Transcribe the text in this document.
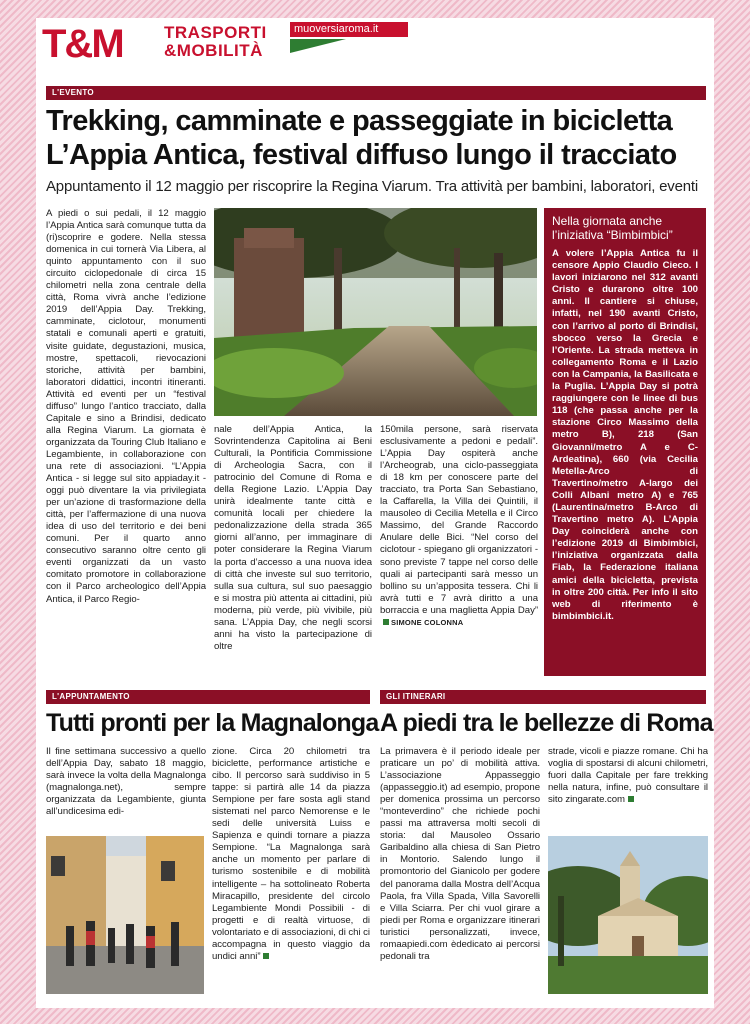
T&M TRASPORTI
&MOBILITÀ
muoversiaroma.it
L'EVENTO
Trekking, camminate e passeggiate in bicicletta
L’Appia Antica, festival diffuso lungo il tracciato
Appuntamento il 12 maggio per riscoprire la Regina Viarum. Tra attività per bambini, laboratori, eventi

A piedi o sui pedali, il 12 maggio l’Appia Antica sarà comunque tutta da (ri)scoprire e godere. Nella stessa domenica in cui tornerà Via Libera, al quinto appuntamento con il suo circuito ciclopedonale di circa 15 chilometri nella zona centrale della città, Roma vivrà anche l’edizione 2019 dell’Appia Day. Trekking, camminate, ciclotour, monumenti statali e comunali aperti e gratuiti, visite guidate, degustazioni, musica, mostre, spettacoli, rievocazioni storiche, attività per bambini, laboratori didattici, incontri itineranti. Attività ed eventi per un “festival diffuso” lungo l’antico tracciato, dalla Capitale e sino a Brindisi, dedicato alla Regina Viarum. La giornata è organizzata da Touring Club Italiano e Legambiente, in collaborazione con una rete di associazioni. “L’Appia Antica - si legge sul sito appiaday.it - oggi può diventare la via privilegiata per un’azione di trasformazione della città, per l’affermazione di una nuova idea di uso del territorio e dei beni comuni. Per il quarto anno consecutivo saranno oltre cento gli eventi organizzati da un vasto comitato promotore in collaborazione con il Parco archeologico dell’Appia Antica, il Parco Regio-

nale dell’Appia Antica, la Sovrintendenza Capitolina ai Beni Culturali, la Pontificia Commissione di Archeologia Sacra, con il patrocinio del Comune di Roma e della Regione Lazio. L’Appia Day unirà idealmente tante città e comunità locali per chiedere la pedonalizzazione della strada 365 giorni all’anno, per immaginare di poter considerare la Regina Viarum la porta d’accesso a una nuova idea di città che investe sul suo territorio, sulla sua cultura, sul suo paesaggio e si mostra più attenta ai cittadini, più moderna, più verde, più vivibile, più sana. L’Appia Day, che negli scorsi anni ha visto la partecipazione di oltre

150mila persone, sarà riservata esclusivamente a pedoni e pedali”. L’Appia Day ospiterà anche l’Archeograb, una ciclo-passeggiata di 18 km per conoscere parte del tracciato, tra Porta San Sebastiano, la Caffarella, la Villa dei Quintili, il mausoleo di Cecilia Metella e il Circo Massimo, del Grande Raccordo Anulare delle Bici. “Nel corso del ciclotour - spiegano gli organizzatori - sono previste 7 tappe nel corso delle quali ai partecipanti sarà messo un bollino su un’apposita tessera. Chi li avrà tutti e 7 avrà diritto a una borraccia e una maglietta Appia Day”SIMONE COLONNA

Nella giornata anche
l’iniziativa “Bimbimbici”
A volere l’Appia Antica fu il censore Appio Claudio Cieco. I lavori iniziarono nel 312 avanti Cristo e durarono oltre 100 anni. Il cantiere si chiuse, infatti, nel 190 avanti Cristo, con l’arrivo al porto di Brindisi, sbocco verso la Grecia e l’Oriente. La strada metteva in collegamento Roma e il Lazio con la Campania, la Basilicata e la Puglia. L’Appia Day si potrà raggiungere con le linee di bus 118 (che passa anche per la stazione Circo Massimo della metro B), 218 (San Giovanni/metro A e C-Ardeatina), 660 (via Cecilia Metella-Arco di Travertino/metro A-largo dei Colli Albani metro A) e 765 (Laurentina/metro B-Arco di Travertino metro A). L’Appia Day coinciderà anche con l’edizione 2019 di Bimbimbici, l’iniziativa organizzata dalla Fiab, la Federazione italiana amici della bicicletta, prevista in oltre 200 città. Per info il sito web di riferimento è bimbimbici.it.
L'APPUNTAMENTO
Tutti pronti per la Magnalonga

Il fine settimana successivo a quello dell’Appia Day, sabato 18 maggio, sarà invece la volta della Magnalonga (magnalonga.net), sempre organizzata da Legambiente, giunta all’undicesima edi-

zione. Circa 20 chilometri tra biciclette, performance artistiche e cibo. Il percorso sarà suddiviso in 5 tappe: si partirà alle 14 da piazza Sempione per fare sosta agli stand sistemati nel parco Nemorense e le sedi delle università Luiss e Sapienza e quindi tornare a piazza Sempione. “La Magnalonga sarà anche un momento per parlare di turismo sostenibile e di mobilità intelligente – ha sottolineato Roberta Miracapillo, presidente del circolo Legambiente Mondi Possibili - di progetti e di realtà virtuose, di volontariato e di associazioni, di chi ci accompagna in questo viaggio da undici anni”

GLI ITINERARI
A piedi tra le bellezze di Roma

La primavera è il periodo ideale per praticare un po’ di mobilità attiva. L’associazione Appasseggio (appasseggio.it) ad esempio, propone per domenica prossima un percorso “monteverdino” che richiede pochi passi ma attraversa molti secoli di storia: dal Mausoleo Ossario Garibaldino alla chiesa di San Pietro in Montorio. Salendo lungo il promontorio del Gianicolo per godere del panorama dalla Mostra dell’Acqua Paola, fra Villa Spada, Villa Savorelli e Villa Sciarra. Per chi vuol girare a piedi per Roma e organizzare itinerari turistici personalizzati, invece, romaapiedi.com èdedicato ai percorsi pedonali tra

strade, vicoli e piazze romane. Chi ha voglia di spostarsi di alcuni chilometri, fuori dalla Capitale per fare trekking nella natura, infine, può consultare il sito zingarate.com
